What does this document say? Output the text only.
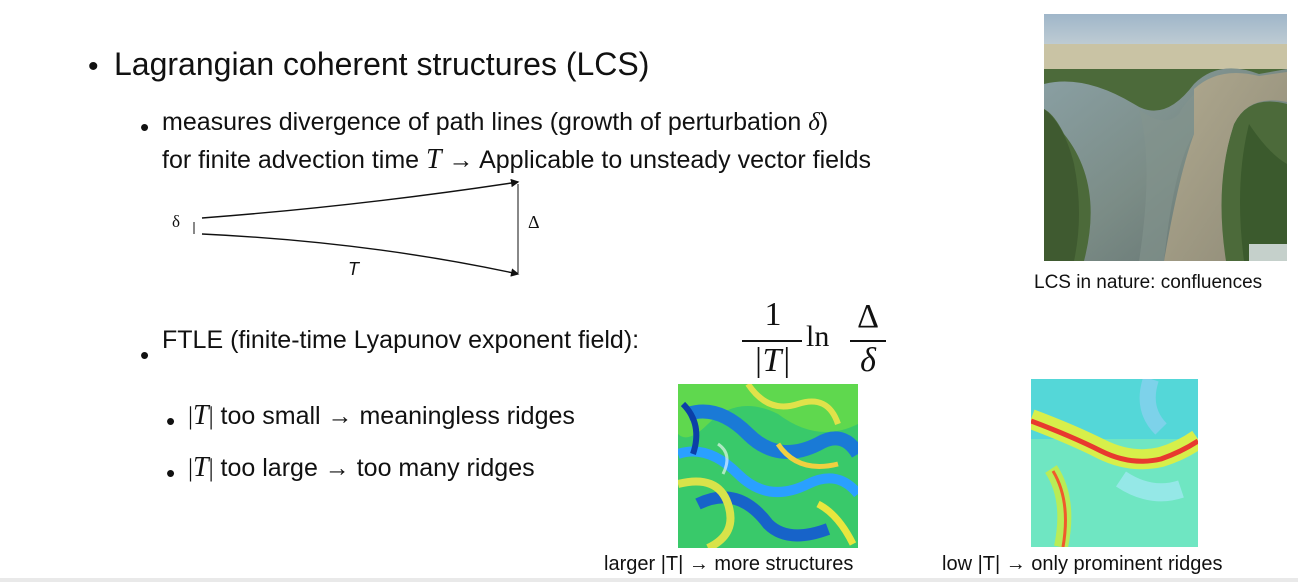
• Lagrangian coherent structures (LCS)
• measures divergence of path lines (growth of perturbation δ)
for finite advection time T → Applicable to unsteady vector fields
δ	Δ
T
• FTLE (finite-time Lyapunov exponent field):
1
|T|
ln
Δ
δ
• |T| too small → meaningless ridges
• |T| too large → too many ridges
LCS in nature: confluences
larger |T| → more structures	low |T| → only prominent ridges
